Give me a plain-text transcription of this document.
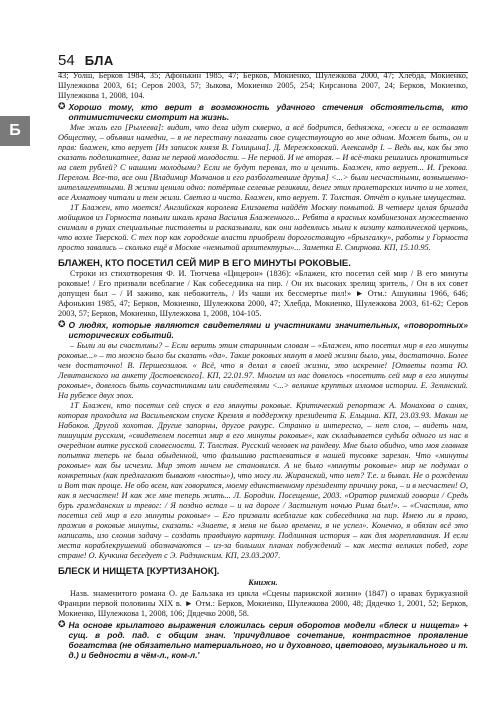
Б
54 БЛА

43; Уолш, Берков 1984, 35; Афонькин 1985, 47; Берков, Мокиенко, Шулежкова 2000, 47; Хлебда, Мокиенко, Шулежкова 2003, 61; Серов 2003, 57; Зыкова, Мокиенко 2005, 254; Кирсанова 2007, 24; Берков, Мокиенко, Шулежкова 1, 2008, 104.

✪ Хорошо тому, кто верит в возможность удачного стечения обстоятельств, кто оптимистически смотрит на жизнь.

Мне жаль его [Рылеева]: видит, что дела идут скверно, а всё бодрится, бедняжка, «жеси и ее оставаят Обществу, – объявил намедни, – я не перестану полагать свое существующую во мне одном. Может быть, он и прав: блажен, кто верует [Из записок князя В. Голицына]. Д. Мережковский. Александр I. – Ведь вы, как бы это сказать поделикатнее, дама не первой молодости. – Не первой. И не вторая. – И всё-таки решились прокатиться на свет рублей? С нашими молодыми? Если не будут перевал, то и ценить. Блажен, кто верует... И. Грекова. Перелом. Все-то, все они [Владимир Молчанов и его разбогатевшие друзья] <...> были несчастными, возвышенно-интеллигентными. В жизни ценили одно: потёртые селевые реликвии, денег этих пролетарских ничто и не хотел, все Ахматову читали и тем жили. Светло и чисто. Блажен, кто верует. Т. Толстая. Отчёт о кульме имущества.

1Т Блажен, кто моется! Английская королева Елизавета найдёт Москву помытой. В четверг целая бригада мойщиков из Гормоста помыли шкаль крана Василия Блаженного... Ребята в красных комбинезонах мужественно снимали в руках специальные пистолеты и расказывали, как они надеялись мыли к визиту католической церковь, что возле Тверской. С тех пор как городские власти приобрели дорогостоящую «брызгалку», работы у Гормоста просто завались – сколько ещё в Москве «немытой архитектуры»... Заметка Е. Смирнова. КП, 15.10.95.

БЛАЖЕН, КТО ПОСЕТИЛ СЕЙ МИР В ЕГО МИНУТЫ РОКОВЫЕ.

Строки из стихотворения Ф. И. Тютчева «Цицерон» (1836): «Блажен, кто посетил сей мир / В его минуты роковые! / Его призвали всеблагие / Как собеседника на пир. / Он их высоких зрелищ зритель, / Он в их совет допущен был – / И заживо, как небожитель, / Из чаши их бессмертье пил!» ► Отм.: Ашукины 1966, 646; Афонькин 1985, 47; Берков, Мокиенко, Шулежкова 2000, 47; Хлебда, Мокиенко, Шулежкова 2003, 61-62; Серов 2003, 57; Берков, Мокиенко, Шулежкова 1, 2008, 104-105.

✪ О людях, которые являются свидетелями и участниками значительных, «поворотных» исторических событий.

– Были ли вы счастливы? – Если верить этим старинным словам – «Блажен, кто посетил мир в его минуты роковые...» – то можно было бы сказать «да». Такие роковых минут в моей жизни было, увы, достаточно. Более чем достаточно! В. Першеозилов. « Всё, что я делал в своей жизни, это искренне! [Ответы поэта Ю. Левитанского на анкету Достоевского]. КП, 22.01.97. Многим из нас довелось «посетить сей мир в его минуты роковые», довелось быть соучастниками или свидетелями <...> великие круптых изломов истории. Е. Зелинский. На рубеже двух эпох.

1Т Блажен, кто посетил сей спуск в его минуты роковые. Критический репортаж А. Монахова о санях, которая проходила на Васильевском спуске Кремля в поддержку президента Б. Ельцина. КП, 23.03.93. Макин не Набоков. Другой хохотав. Другие запорны, другое ракурс. Странно и интересно, – нет слов, – видеть нам, пишущим русским, «свидетелем посетил мир в его минуты роковые», как складывается судьба одного из нас в очередном витке русской словесности. Т. Толстая. Русский человек на рандеву. Мне было обидно, что моя главная попытка теперь не была обыденной, что фальшиво растлеваться в нашей тусовке зарезан. Что «минуты роковые» как бы исчезли. Мир этот ничем не становился. А не было «минуты роковые» мир не подумал о конкретных (как предлагают бывают «мосты»), что могу ли. Жиранский, что нет? Т.е. и бывал. Не о рождении и Вот так проще. Не обо всем, как говорится, моему единственному президенту причину рока, – и в несчастен! О, как я несчастен! И как же мне теперь жить... Л. Бородин. Посещение, 2003. «Оратор римский говорил / Средь бурь гражданских и тревог: / Я поздно встал – и на дороге / Застигнут ночью Рима был!». – «Счастлив, кто посетил сей мир в его минуты роковые» – Его призвали всеблагие как собеседника на пир. Имею ли я право, прожив в роковые минуты, сказать: «Знаете, я меня не было времени, я не успел». Конечно, я обязан всё это написать, изо слонив задачу – создать правдивую картину. Подлинная история – как для мореплавания. И если места кораблекрушений обозначаются – из-за больших планах побуждений – как места великих побед, горе стране! О. Кучкина беседует с Э. Радзинским. КП, 23.03.2007.

БЛЕСК И НИЩЕТА [КУРТИЗАНОК].

Книжн.

Назв. знаменитого романа О. де Бальзака из цикла «Сцены парижской жизни» (1847) о нравах буржуазной Франции первой половины XIX в. ► Отм.: Берков, Мокиенко, Шулежкова 2000, 48; Дядечко 1, 2001, 52; Берков, Мокиенко, Шулежкова 1, 2008, 106; Дядечко 2008, 58.

✪ На основе крылатого выражения сложилась серия оборотов модели «блеск и нищета» + сущ. в род. пад. с общим знач. 'причудливое сочетание, контрастное проявление богатства (не обязательно материального, но и духовного, цветового, музыкального и т. д.) и бедности в чём-л., ком-л.'
